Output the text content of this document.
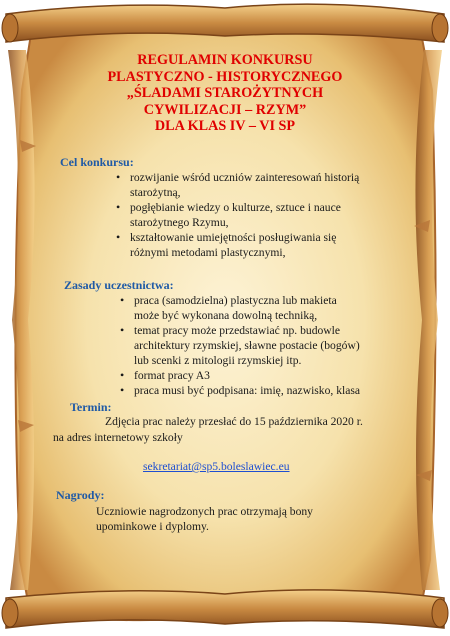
REGULAMIN KONKURSU
PLASTYCZNO - HISTORYCZNEGO
„ŚLADAMI STAROŻYTNYCH
CYWILIZACJI – RZYM”
DLA KLAS IV – VI SP
Cel konkursu:
• rozwijanie wśród uczniów zainteresowań historią
starożytną,
• pogłębianie wiedzy o kulturze, sztuce i nauce
starożytnego Rzymu,
• kształtowanie umiejętności posługiwania się
różnymi metodami plastycznymi,
Zasady uczestnictwa:
• praca (samodzielna) plastyczna lub makieta
może być wykonana dowolną techniką,
• temat pracy może przedstawiać np. budowle
architektury rzymskiej, sławne postacie (bogów)
lub scenki z mitologii rzymskiej itp.
• format pracy A3
• praca musi być podpisana: imię, nazwisko, klasa
Termin:
Zdjęcia prac należy przesłać do 15 października 2020 r.
na adres internetowy szkoły
sekretariat@sp5.boleslawiec.eu
Nagrody:
Uczniowie nagrodzonych prac otrzymają bony
upominkowe i dyplomy.
